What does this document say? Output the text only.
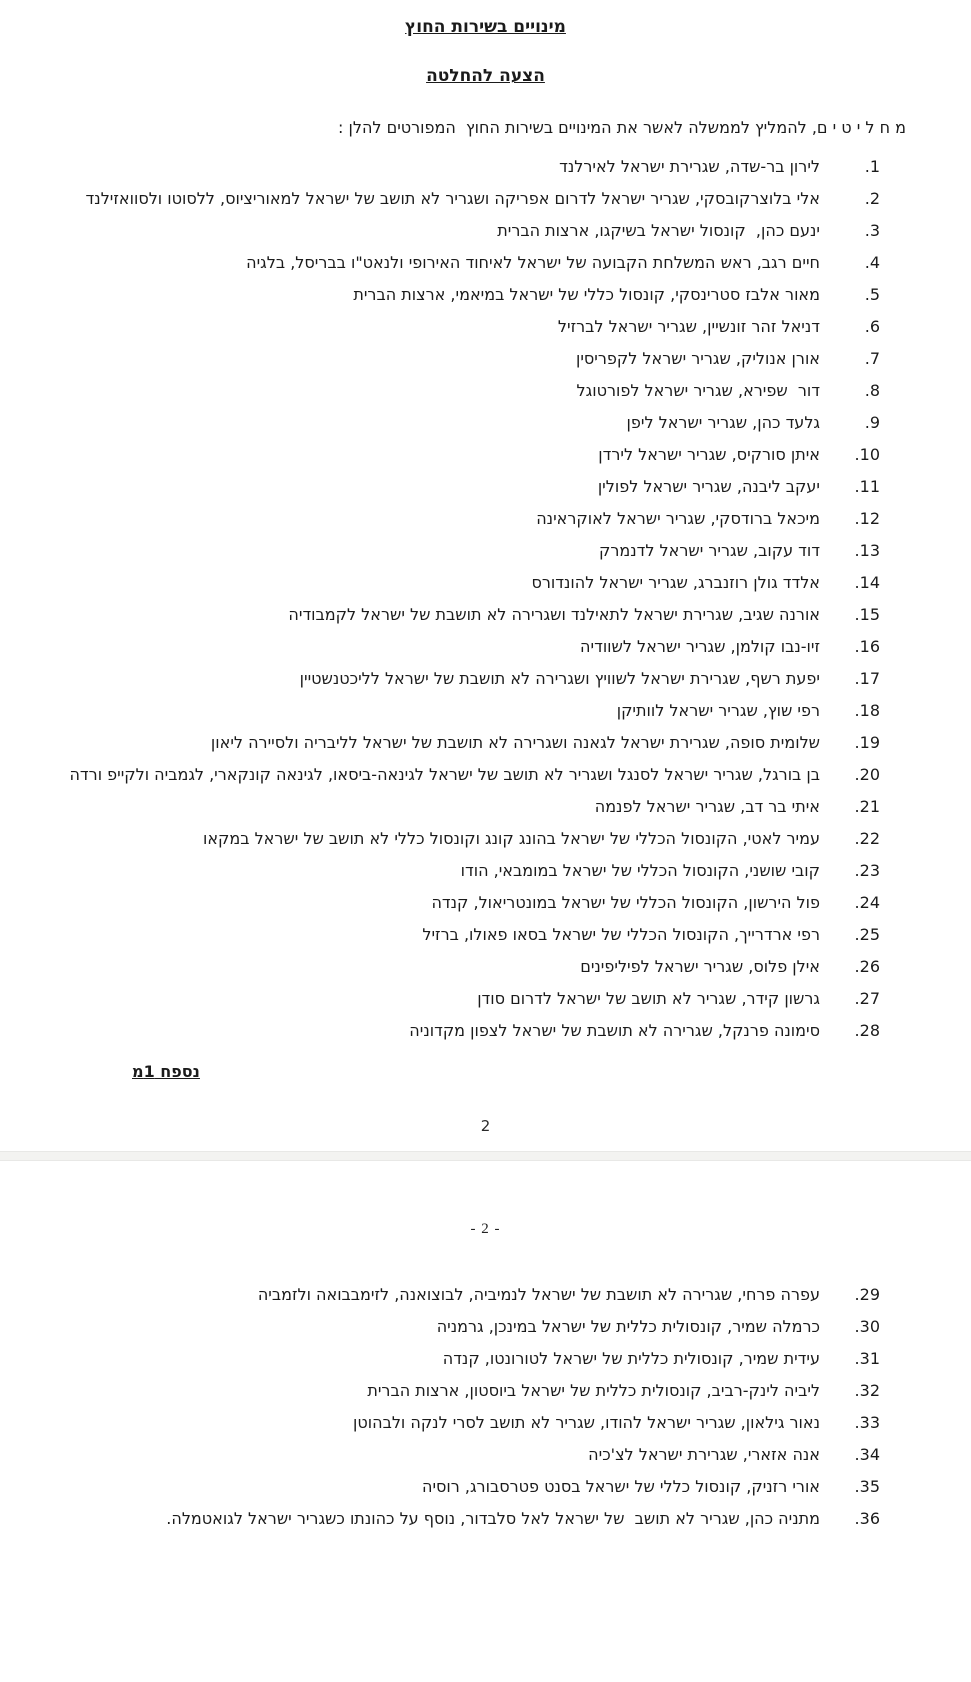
מינויים בשירות החוץ
הצעה להחלטה
מ ח ל י ט י ם, להמליץ לממשלה לאשר את המינויים בשירות החוץ  המפורטים להלן :
1.
לירון בר-שדה, שגרירת ישראל לאירלנד
2.
אלי בלוצרקובסקי, שגריר ישראל לדרום אפריקה ושגריר לא תושב של ישראל למאוריציוס, ללסוטו ולסוואזילנד
3.
ינעם כהן,  קונסול ישראל בשיקגו, ארצות הברית
4.
חיים רגב, ראש המשלחת הקבועה של ישראל לאיחוד האירופי ולנאט"ו בבריסל, בלגיה
5.
מאור אלבז סטרינסקי, קונסול כללי של ישראל במיאמי, ארצות הברית
6.
דניאל זהר זונשיין, שגריר ישראל לברזיל
7.
אורן אנוליק, שגריר ישראל לקפריסין
8.
דור  שפירא, שגריר ישראל לפורטוגל
9.
גלעד כהן, שגריר ישראל ליפן
10.
איתן סורקיס, שגריר ישראל לירדן
11.
יעקב ליבנה, שגריר ישראל לפולין
12.
מיכאל ברודסקי, שגריר ישראל לאוקראינה
13.
דוד עקוב, שגריר ישראל לדנמרק
14.
אלדד גולן רוזנברג, שגריר ישראל להונדורס
15.
אורנה שגיב, שגרירת ישראל לתאילנד ושגרירה לא תושבת של ישראל לקמבודיה
16.
זיו-נבו קולמן, שגריר ישראל לשוודיה
17.
יפעת רשף, שגרירת ישראל לשוויץ ושגרירה לא תושבת של ישראל לליכטנשטיין
18.
רפי שוץ, שגריר ישראל לוותיקן
19.
שלומית סופה, שגרירת ישראל לגאנה ושגרירה לא תושבת של ישראל לליבריה ולסיירה ליאון
20.
בן בורגל, שגריר ישראל לסנגל ושגריר לא תושב של ישראל לגינאה-ביסאו, לגינאה קונקארי, לגמביה ולקייפ ורדה
21.
איתי בר דב, שגריר ישראל לפנמה
22.
עמיר לאטי, הקונסול הכללי של ישראל בהונג קונג וקונסול כללי לא תושב של ישראל במקאו
23.
קובי שושני, הקונסול הכללי של ישראל במומבאי, הודו
24.
פול הירשון, הקונסול הכללי של ישראל במונטריאול, קנדה
25.
רפי ארדרייך, הקונסול הכללי של ישראל בסאו פאולו, ברזיל
26.
אילן פלוס, שגריר ישראל לפיליפינים
27.
גרשון קידר, שגריר לא תושב של ישראל לדרום סודן
28.
סימונה פרנקל, שגרירה לא תושבת של ישראל לצפון מקדוניה
נספח 1מ
2
- 2 -
29.
עפרה פרחי, שגרירה לא תושבת של ישראל לנמיביה, לבוצואנה, לזימבבואה ולזמביה
30.
כרמלה שמיר, קונסולית כללית של ישראל במינכן, גרמניה
31.
עידית שמיר, קונסולית כללית של ישראל לטורונטו, קנדה
32.
ליביה לינק-רביב, קונסולית כללית של ישראל ביוסטון, ארצות הברית
33.
נאור גילאון, שגריר ישראל להודו, שגריר לא תושב לסרי לנקה ולבהוטן
34.
אנה אזארי, שגרירת ישראל לצ'כיה
35.
אורי רזניק, קונסול כללי של ישראל בסנט פטרסבורג, רוסיה
36.
מתניה כהן, שגריר לא תושב  של ישראל לאל סלבדור, נוסף על כהונתו כשגריר ישראל לגואטמלה.
